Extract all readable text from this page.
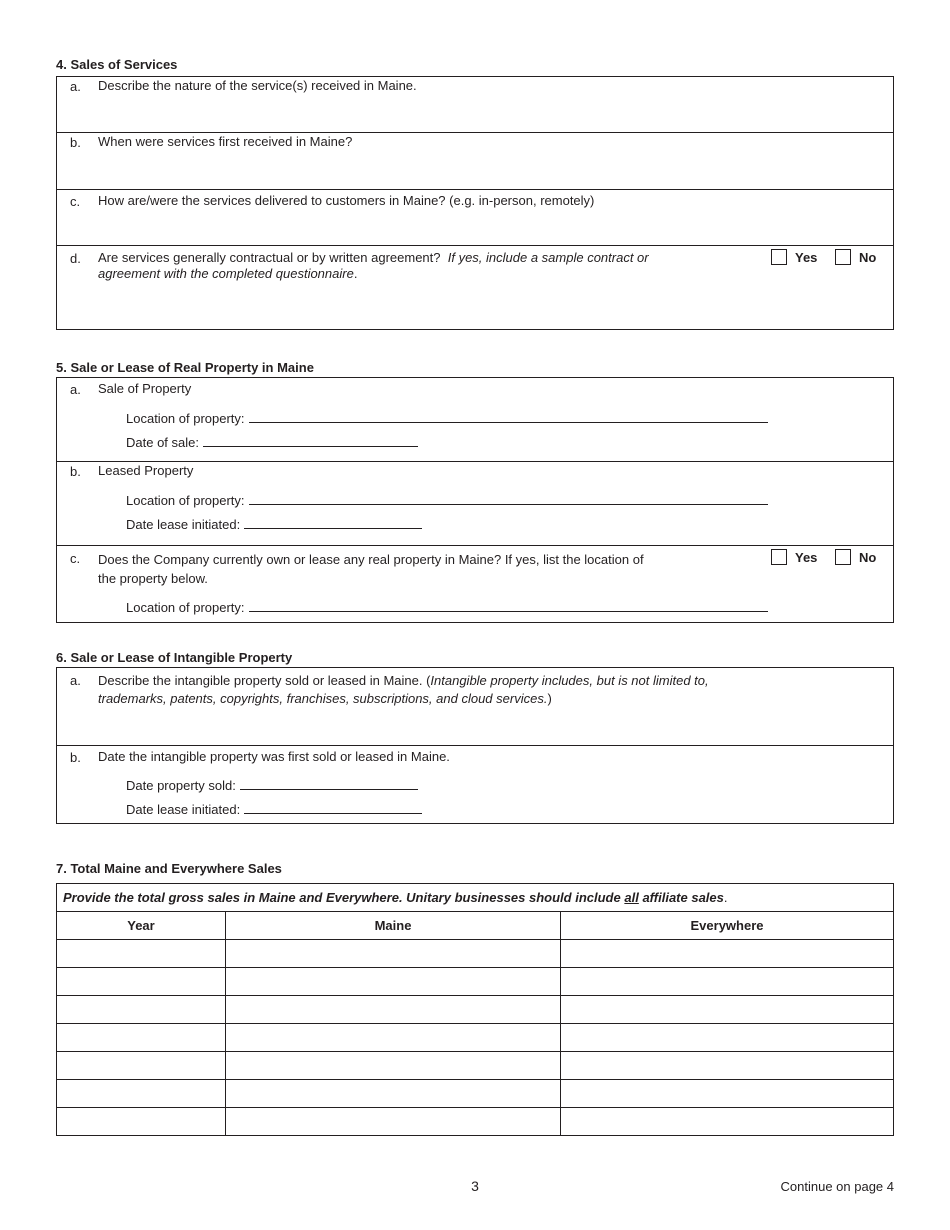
4. Sales of Services
a. Describe the nature of the service(s) received in Maine.
b. When were services first received in Maine?
c. How are/were the services delivered to customers in Maine? (e.g. in-person, remotely)
d. Are services generally contractual or by written agreement? If yes, include a sample contract or
agreement with the completed questionnaire.
Yes	No
5. Sale or Lease of Real Property in Maine
a. Sale of Property
Location of property:
Date of sale:
b. Leased Property
Location of property:
Date lease initiated:
c. Does the Company currently own or lease any real property in Maine? If yes, list the location of
the property below.
Yes	No
Location of property:
6. Sale or Lease of Intangible Property
a. Describe the intangible property sold or leased in Maine. (Intangible property includes, but is not limited to,
trademarks, patents, copyrights, franchises, subscriptions, and cloud services.)
b. Date the intangible property was first sold or leased in Maine.
Date property sold:
Date lease initiated:
7. Total Maine and Everywhere Sales
Provide the total gross sales in Maine and Everywhere. Unitary businesses should include all affiliate sales.		
Year	Maine	Everywhere

3	Continue on page 4
